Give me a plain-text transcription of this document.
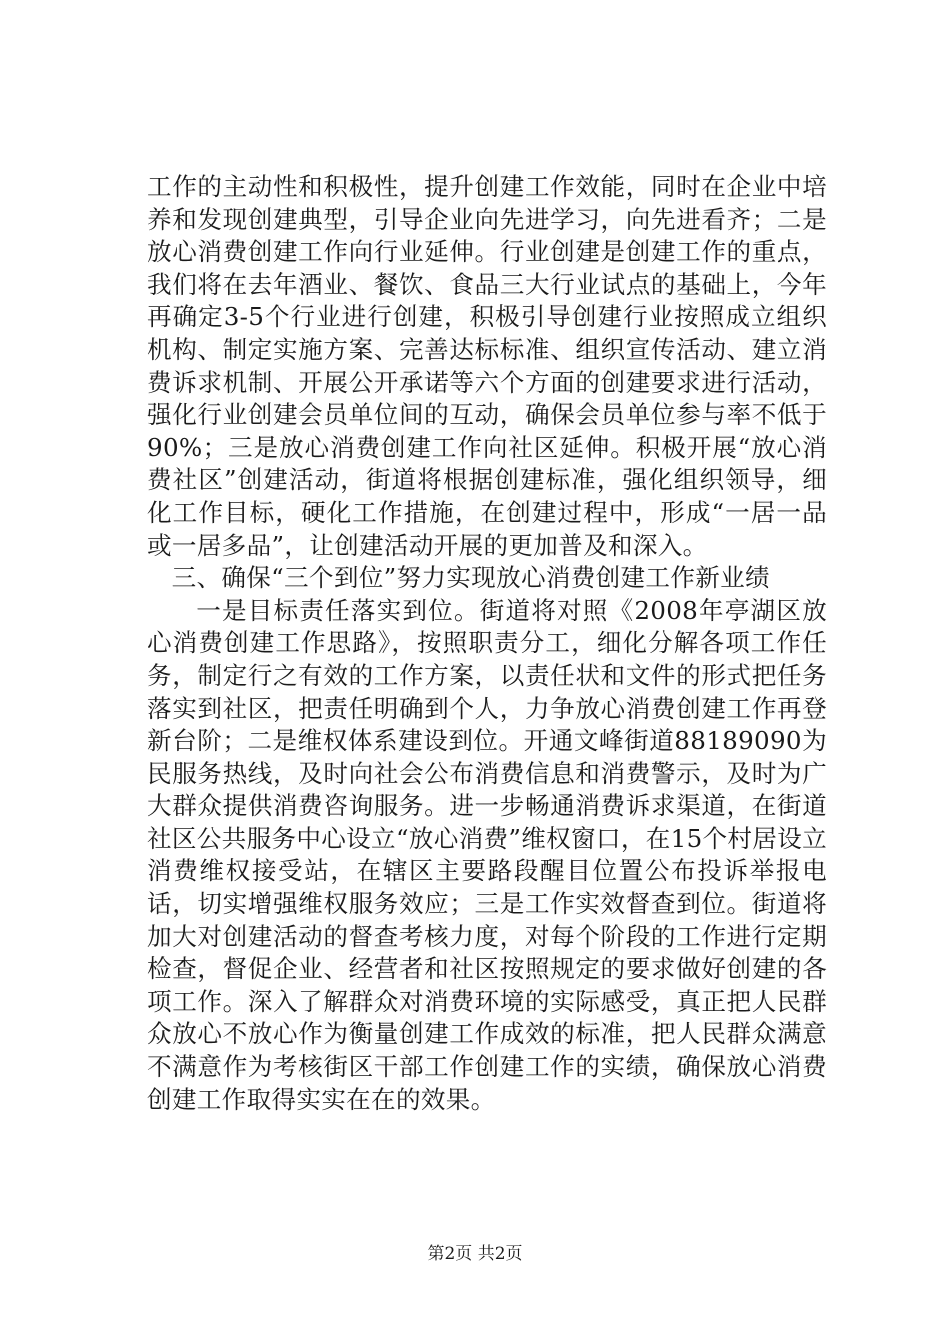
工作的主动性和积极性，提升创建工作效能，同时在企业中培养和发现创建典型，引导企业向先进学习，向先进看齐；二是放心消费创建工作向行业延伸。行业创建是创建工作的重点，我们将在去年酒业、餐饮、食品三大行业试点的基础上，今年再确定3-5个行业进行创建，积极引导创建行业按照成立组织机构、制定实施方案、完善达标标准、组织宣传活动、建立消费诉求机制、开展公开承诺等六个方面的创建要求进行活动，强化行业创建会员单位间的互动，确保会员单位参与率不低于90%；三是放心消费创建工作向社区延伸。积极开展“放心消费社区”创建活动，街道将根据创建标准，强化组织领导，细化工作目标，硬化工作措施，在创建过程中，形成“一居一品或一居多品”，让创建活动开展的更加普及和深入。

三、确保“三个到位”努力实现放心消费创建工作新业绩

一是目标责任落实到位。街道将对照《2008年亭湖区放心消费创建工作思路》，按照职责分工，细化分解各项工作任务，制定行之有效的工作方案，以责任状和文件的形式把任务落实到社区，把责任明确到个人，力争放心消费创建工作再登新台阶；二是维权体系建设到位。开通文峰街道88189090为民服务热线，及时向社会公布消费信息和消费警示，及时为广大群众提供消费咨询服务。进一步畅通消费诉求渠道，在街道社区公共服务中心设立“放心消费”维权窗口，在15个村居设立消费维权接受站，在辖区主要路段醒目位置公布投诉举报电话，切实增强维权服务效应；三是工作实效督查到位。街道将加大对创建活动的督查考核力度，对每个阶段的工作进行定期检查，督促企业、经营者和社区按照规定的要求做好创建的各项工作。深入了解群众对消费环境的实际感受，真正把人民群众放心不放心作为衡量创建工作成效的标准，把人民群众满意不满意作为考核街区干部工作创建工作的实绩，确保放心消费创建工作取得实实在在的效果。

第2页 共2页
